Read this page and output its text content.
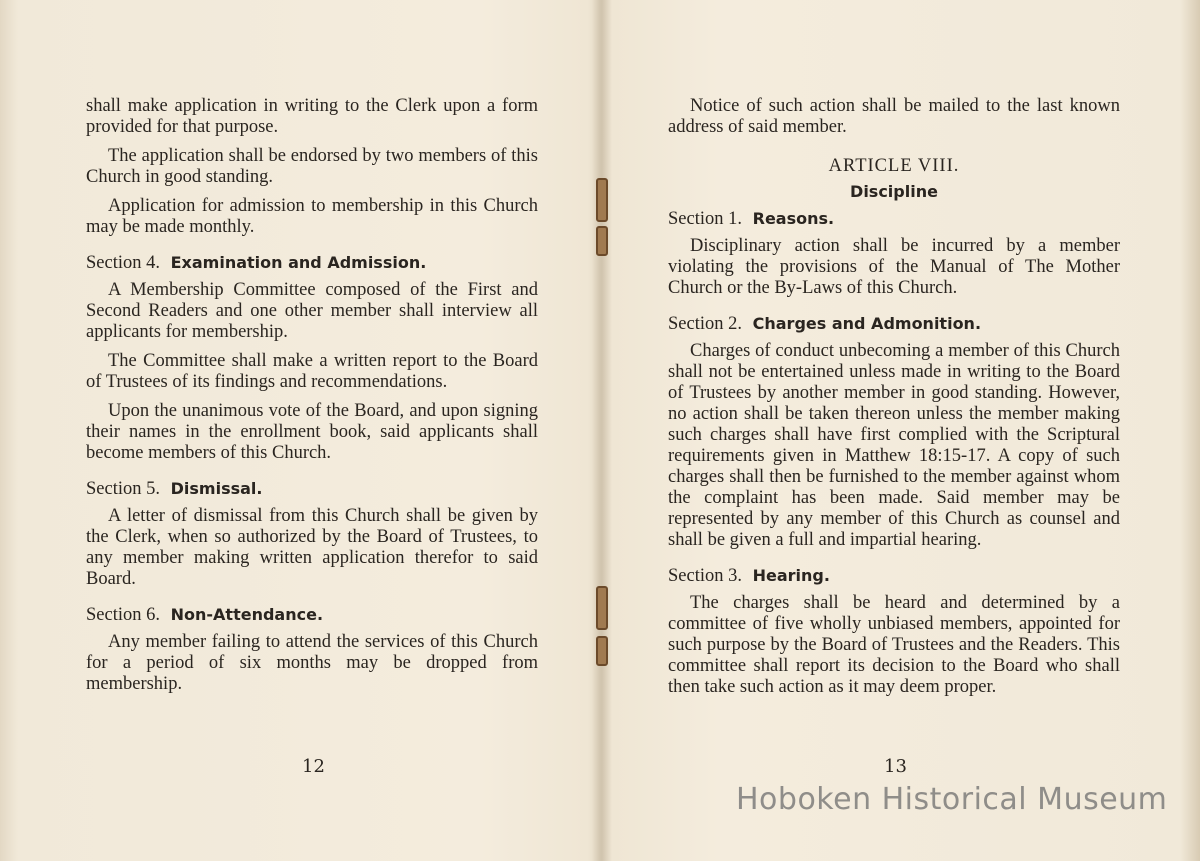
shall make application in writing to the Clerk upon a form provided for that purpose.

The application shall be endorsed by two members of this Church in good standing.

Application for admission to membership in this Church may be made monthly.

Section 4. Examination and Admission.

A Membership Committee composed of the First and Second Readers and one other member shall interview all applicants for membership.

The Committee shall make a written report to the Board of Trustees of its findings and recommendations.

Upon the unanimous vote of the Board, and upon signing their names in the enrollment book, said applicants shall become members of this Church.

Section 5. Dismissal.

A letter of dismissal from this Church shall be given by the Clerk, when so authorized by the Board of Trustees, to any member making written application therefor to said Board.

Section 6. Non-Attendance.

Any member failing to attend the services of this Church for a period of six months may be dropped from membership.

12

Notice of such action shall be mailed to the last known address of said member.

ARTICLE VIII.
Discipline
Section 1. Reasons.

Disciplinary action shall be incurred by a member violating the provisions of the Manual of The Mother Church or the By-Laws of this Church.

Section 2. Charges and Admonition.

Charges of conduct unbecoming a member of this Church shall not be entertained unless made in writing to the Board of Trustees by another member in good standing. However, no action shall be taken thereon unless the member making such charges shall have first complied with the Scriptural requirements given in Matthew 18:15-17. A copy of such charges shall then be furnished to the member against whom the complaint has been made. Said member may be represented by any member of this Church as counsel and shall be given a full and impartial hearing.

Section 3. Hearing.

The charges shall be heard and determined by a committee of five wholly unbiased members, appointed for such purpose by the Board of Trustees and the Readers. This committee shall report its decision to the Board who shall then take such action as it may deem proper.

13
Hoboken Historical Museum
